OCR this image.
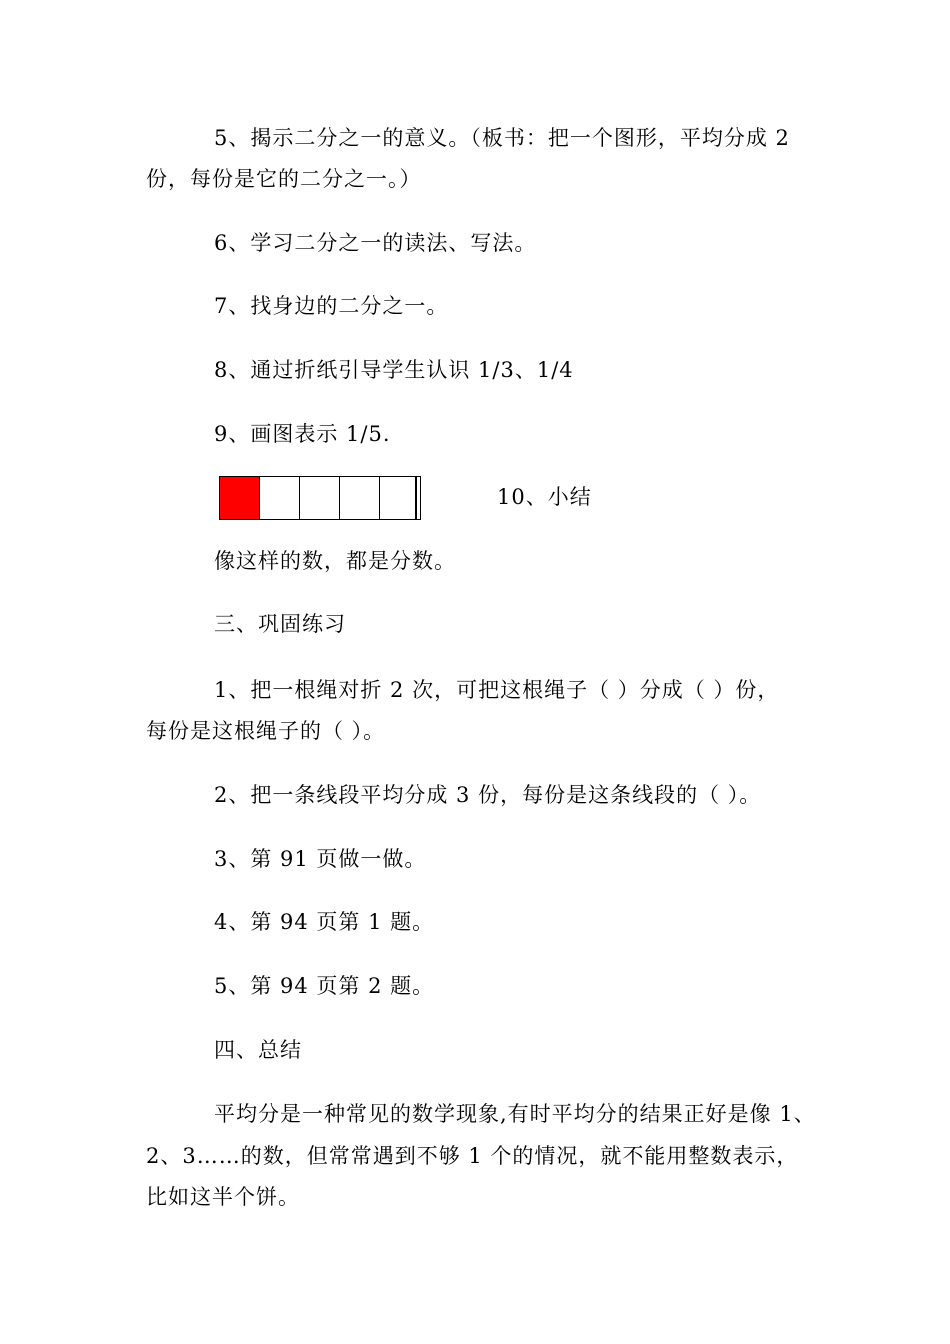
5、揭示二分之一的意义。（板书：把一个图形，平均分成 2
份，每份是它的二分之一。）
6、学习二分之一的读法、写法。
7、找身边的二分之一。
8、通过折纸引导学生认识 1/3、1/4
9、画图表示 1/5.
10、小结
像这样的数，都是分数。
三、巩固练习
1、把一根绳对折 2 次，可把这根绳子（ ）分成（ ）份，
每份是这根绳子的（ ）。
2、把一条线段平均分成 3 份，每份是这条线段的（ ）。
3、第 91 页做一做。
4、第 94 页第 1 题。
5、第 94 页第 2 题。
四、总结
平均分是一种常见的数学现象,有时平均分的结果正好是像 1、
2、3……的数，但常常遇到不够 1 个的情况，就不能用整数表示，
比如这半个饼。
